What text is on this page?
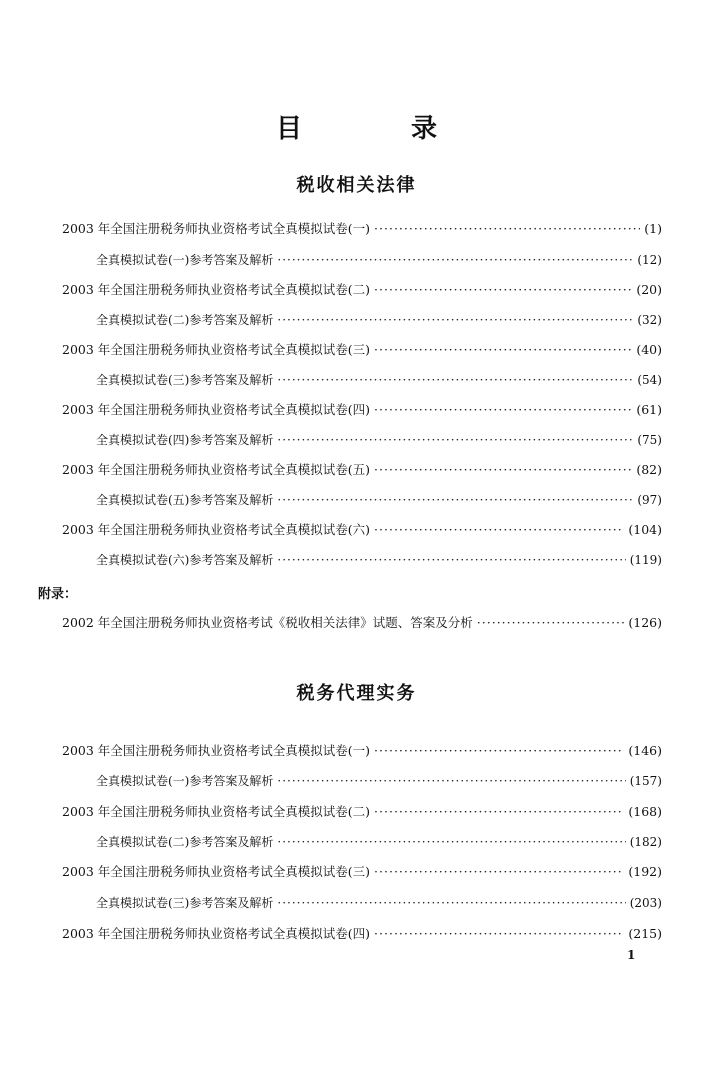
目 录
税收相关法律
2003 年全国注册税务师执业资格考试全真模拟试卷(一) ·····	(1)
全真模拟试卷(一)参考答案及解析 ·····	(12)
2003 年全国注册税务师执业资格考试全真模拟试卷(二) ·····	(20)
全真模拟试卷(二)参考答案及解析 ·····	(32)
2003 年全国注册税务师执业资格考试全真模拟试卷(三) ·····	(40)
全真模拟试卷(三)参考答案及解析 ·····	(54)
2003 年全国注册税务师执业资格考试全真模拟试卷(四) ·····	(61)
全真模拟试卷(四)参考答案及解析 ·····	(75)
2003 年全国注册税务师执业资格考试全真模拟试卷(五) ·····	(82)
全真模拟试卷(五)参考答案及解析 ·····	(97)
2003 年全国注册税务师执业资格考试全真模拟试卷(六) ·····	(104)
全真模拟试卷(六)参考答案及解析 ·····	(119)
附录：
2002 年全国注册税务师执业资格考试《税收相关法律》试题、答案及分析 ·····	(126)
税务代理实务
2003 年全国注册税务师执业资格考试全真模拟试卷(一) ·····	(146)
全真模拟试卷(一)参考答案及解析 ·····	(157)
2003 年全国注册税务师执业资格考试全真模拟试卷(二) ·····	(168)
全真模拟试卷(二)参考答案及解析 ·····	(182)
2003 年全国注册税务师执业资格考试全真模拟试卷(三) ·····	(192)
全真模拟试卷(三)参考答案及解析 ·····	(203)
2003 年全国注册税务师执业资格考试全真模拟试卷(四) ·····	(215)
1
